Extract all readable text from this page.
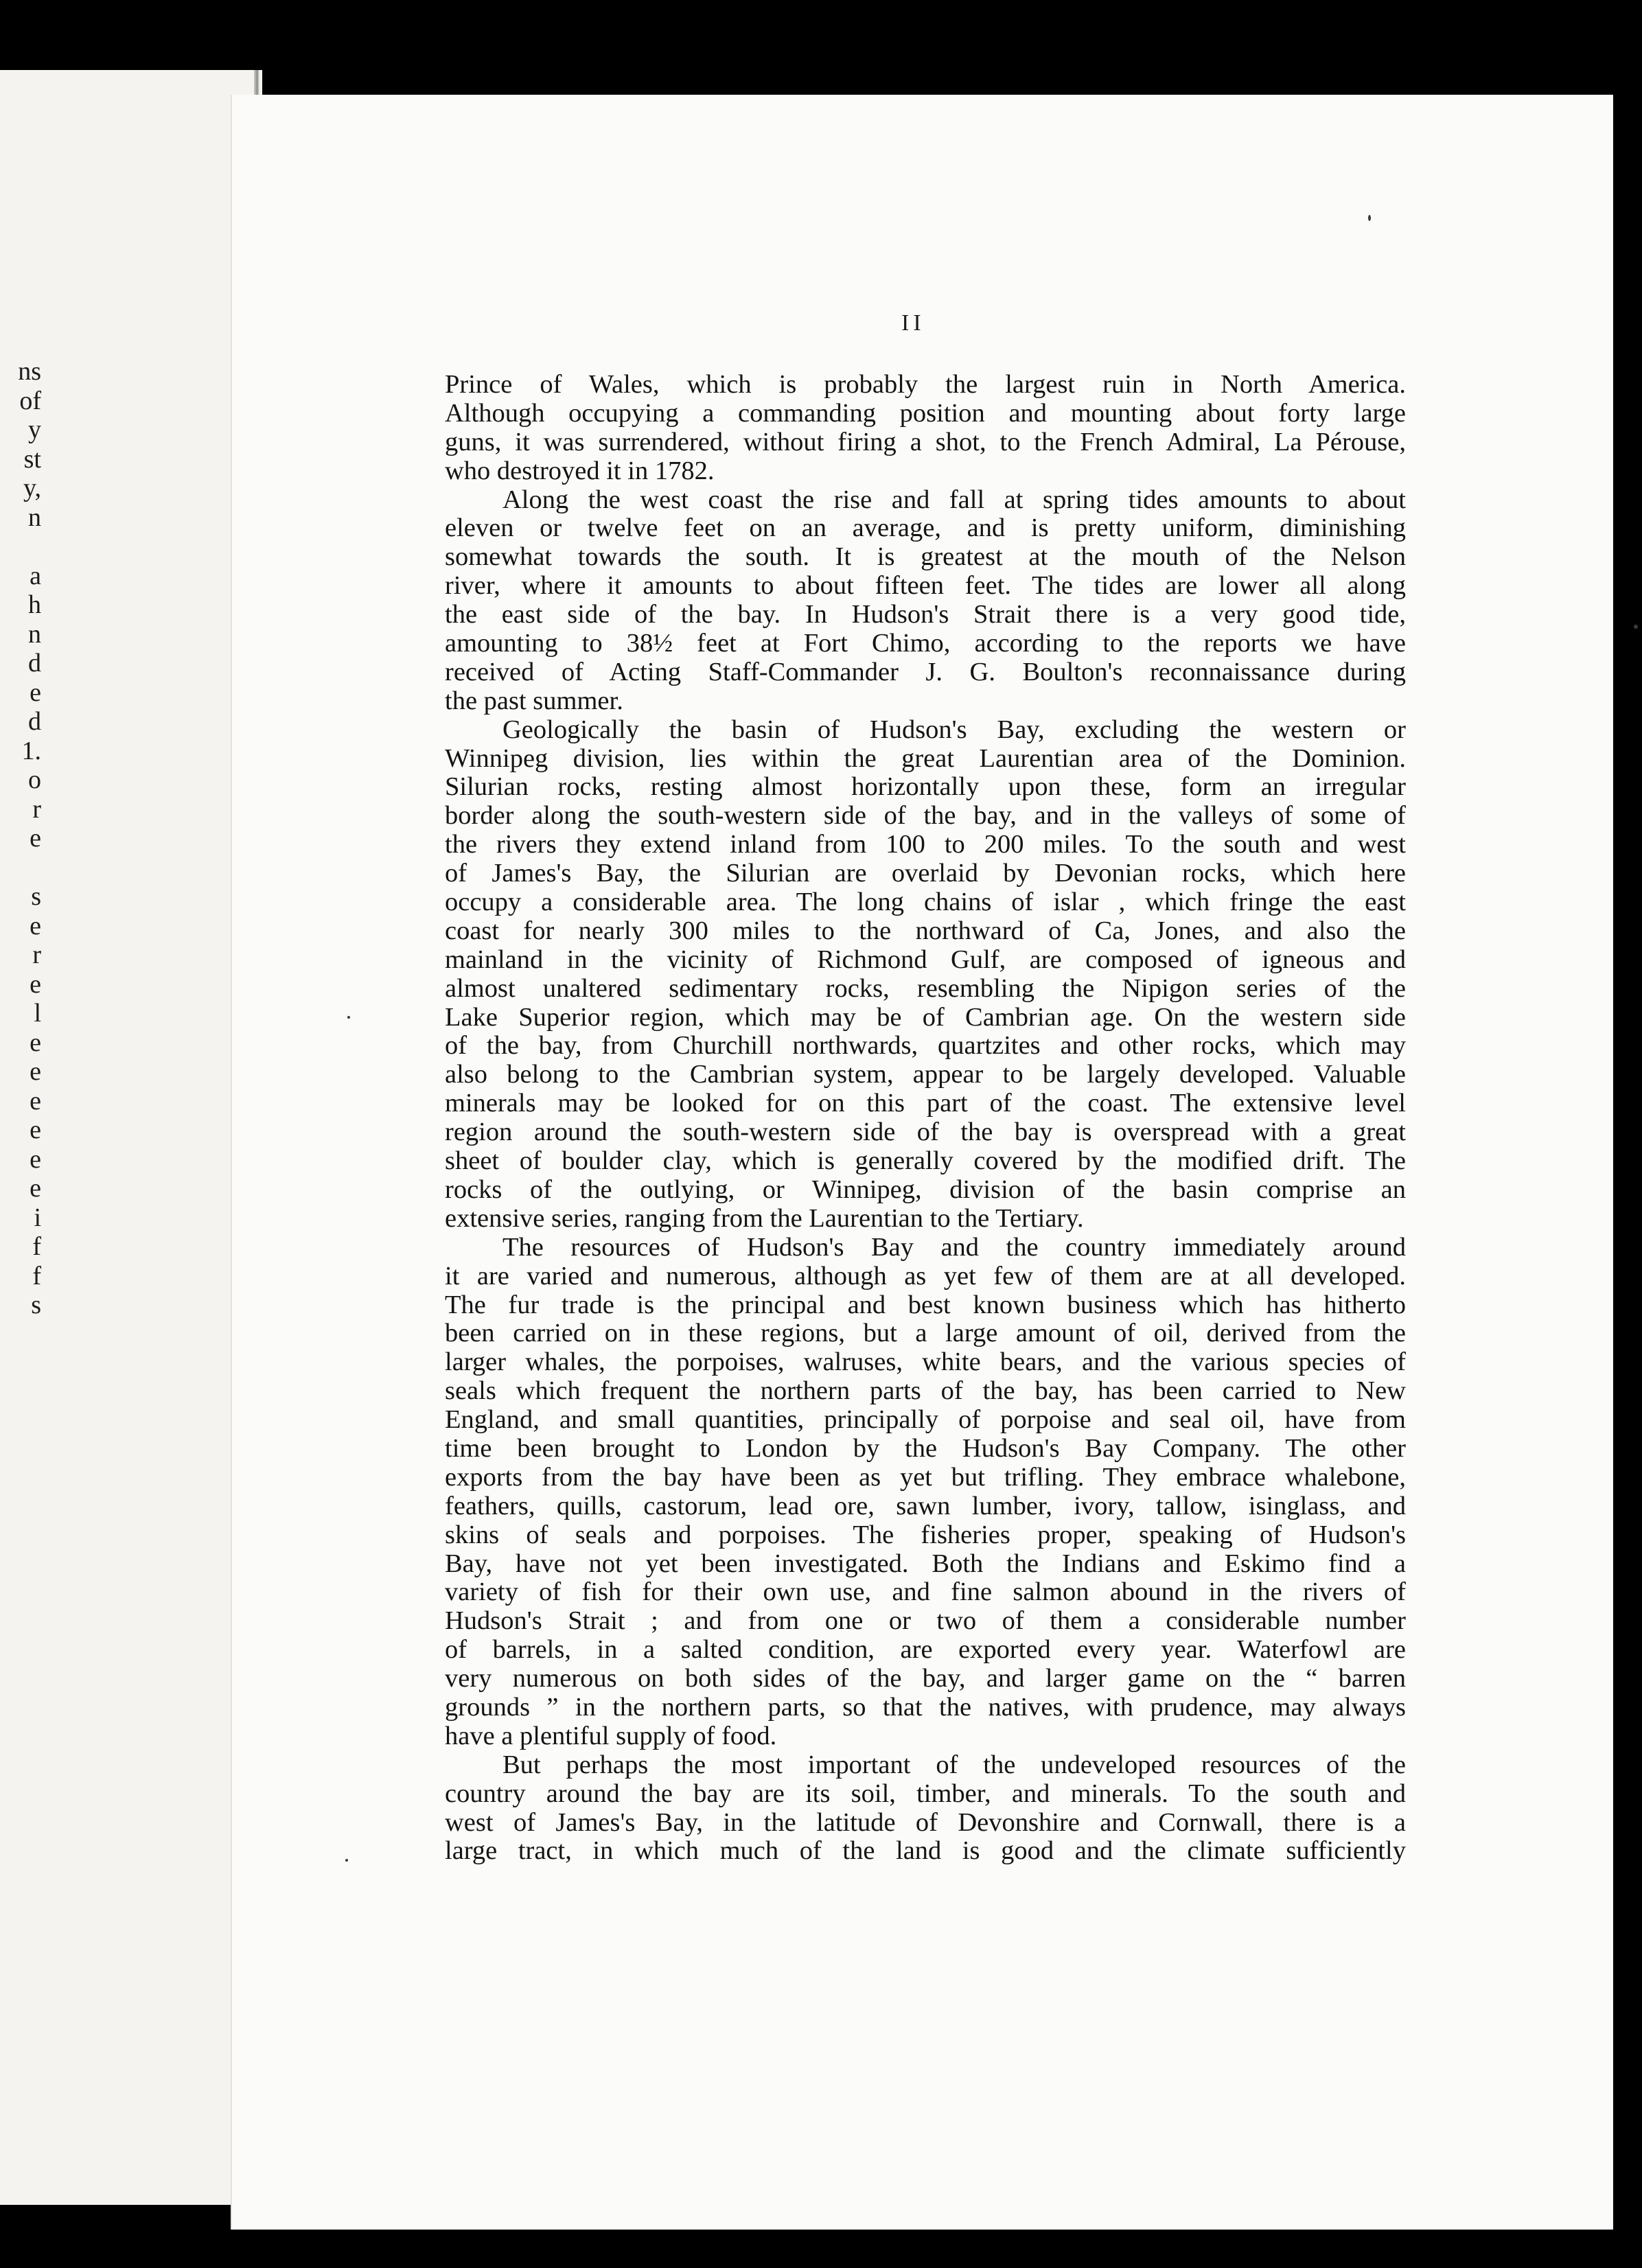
ns
of
y
st
y,
n
a
h
n
d
e
d
1.
o
r
e
s
e
r
e
l
e
e
e
e
e
e
i
f
f
s
II
Prince of Wales, which is probably the largest ruin in North America.
Although occupying a commanding position and mounting about forty large
guns, it was surrendered, without firing a shot, to the French Admiral, La Pérouse,
who destroyed it in 1782.
Along the west coast the rise and fall at spring tides amounts to about
eleven or twelve feet on an average, and is pretty uniform, diminishing
somewhat towards the south. It is greatest at the mouth of the Nelson
river, where it amounts to about fifteen feet. The tides are lower all along
the east side of the bay. In Hudson's Strait there is a very good tide,
amounting to 38½ feet at Fort Chimo, according to the reports we have
received of Acting Staff-Commander J. G. Boulton's reconnaissance during
the past summer.
Geologically the basin of Hudson's Bay, excluding the western or
Winnipeg division, lies within the great Laurentian area of the Dominion.
Silurian rocks, resting almost horizontally upon these, form an irregular
border along the south-western side of the bay, and in the valleys of some of
the rivers they extend inland from 100 to 200 miles. To the south and west
of James's Bay, the Silurian are overlaid by Devonian rocks, which here
occupy a considerable area. The long chains of islar , which fringe the east
coast for nearly 300 miles to the northward of Ca, Jones, and also the
mainland in the vicinity of Richmond Gulf, are composed of igneous and
almost unaltered sedimentary rocks, resembling the Nipigon series of the
Lake Superior region, which may be of Cambrian age. On the western side
of the bay, from Churchill northwards, quartzites and other rocks, which may
also belong to the Cambrian system, appear to be largely developed. Valuable
minerals may be looked for on this part of the coast. The extensive level
region around the south-western side of the bay is overspread with a great
sheet of boulder clay, which is generally covered by the modified drift. The
rocks of the outlying, or Winnipeg, division of the basin comprise an
extensive series, ranging from the Laurentian to the Tertiary.
The resources of Hudson's Bay and the country immediately around
it are varied and numerous, although as yet few of them are at all developed.
The fur trade is the principal and best known business which has hitherto
been carried on in these regions, but a large amount of oil, derived from the
larger whales, the porpoises, walruses, white bears, and the various species of
seals which frequent the northern parts of the bay, has been carried to New
England, and small quantities, principally of porpoise and seal oil, have from
time been brought to London by the Hudson's Bay Company. The other
exports from the bay have been as yet but trifling. They embrace whalebone,
feathers, quills, castorum, lead ore, sawn lumber, ivory, tallow, isinglass, and
skins of seals and porpoises. The fisheries proper, speaking of Hudson's
Bay, have not yet been investigated. Both the Indians and Eskimo find a
variety of fish for their own use, and fine salmon abound in the rivers of
Hudson's Strait ; and from one or two of them a considerable number
of barrels, in a salted condition, are exported every year. Waterfowl are
very numerous on both sides of the bay, and larger game on the “ barren
grounds ” in the northern parts, so that the natives, with prudence, may always
have a plentiful supply of food.
But perhaps the most important of the undeveloped resources of the
country around the bay are its soil, timber, and minerals. To the south and
west of James's Bay, in the latitude of Devonshire and Cornwall, there is a
large tract, in which much of the land is good and the climate sufficiently
